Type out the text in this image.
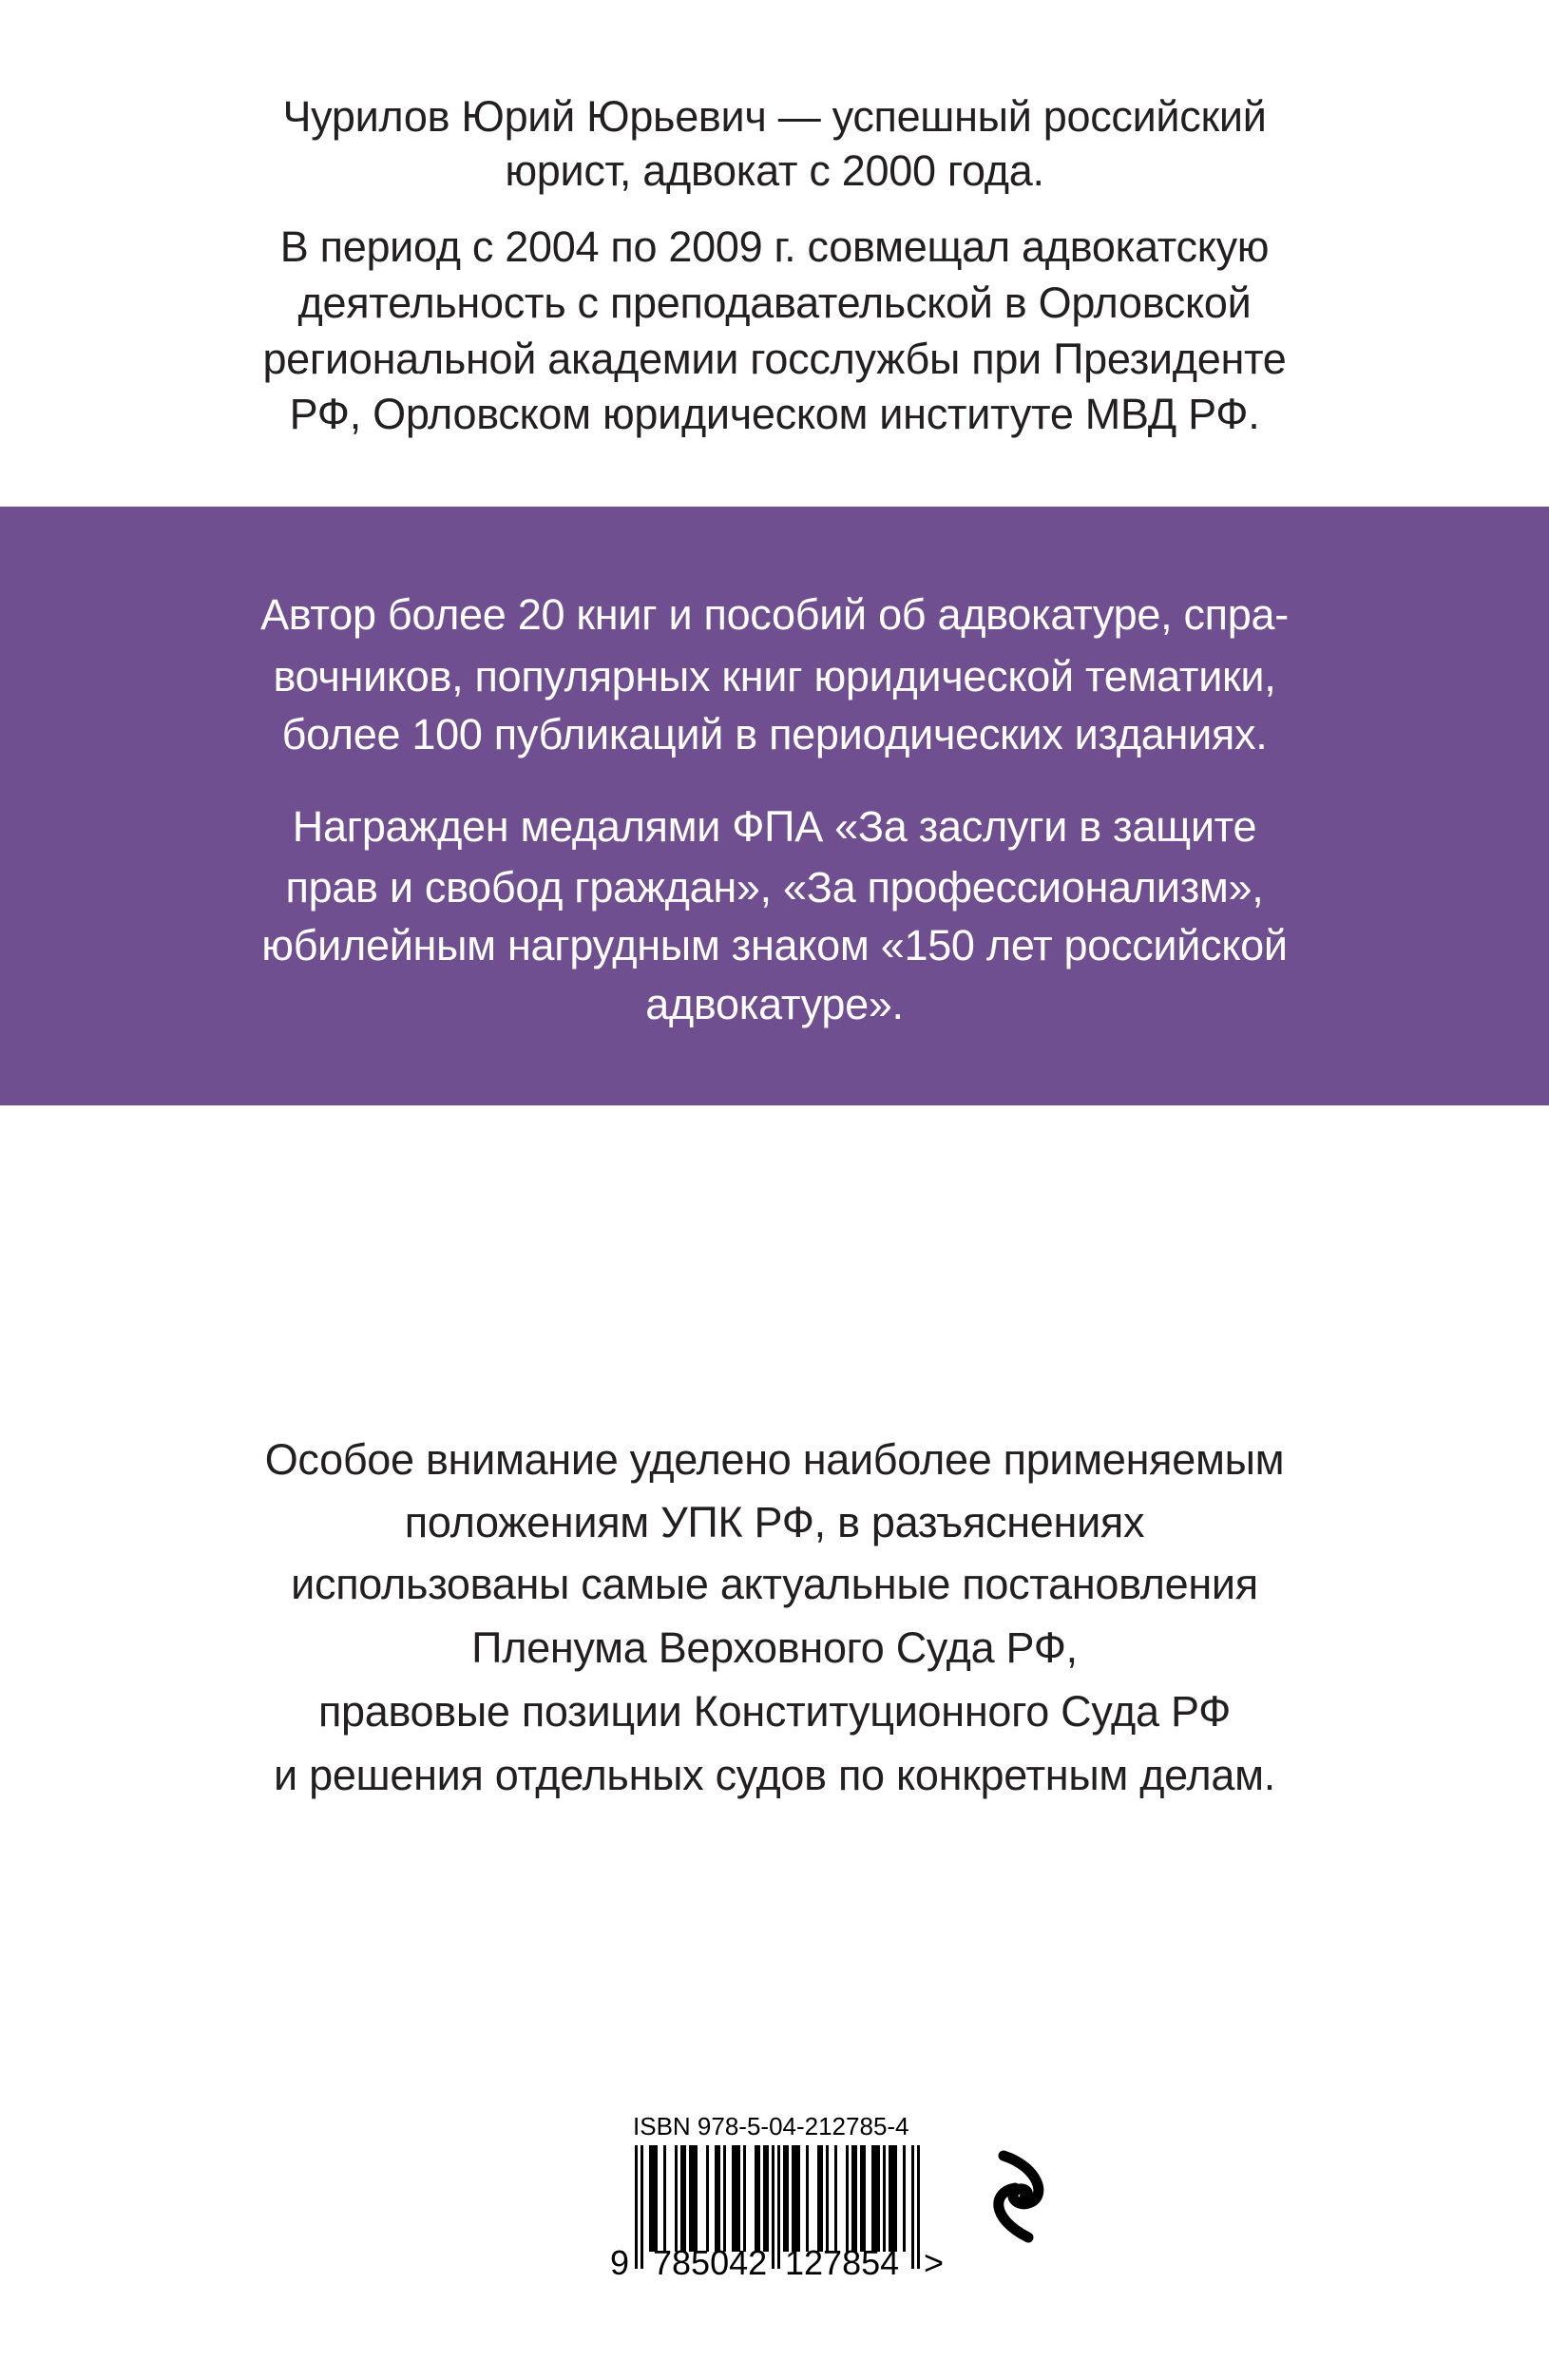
Чурилов Юрий Юрьевич — успешный российский
юрист, адвокат с 2000 года.
В период с 2004 по 2009 г. совмещал адвокатскую
деятельность с преподавательской в Орловской
региональной академии госслужбы при Президенте
РФ, Орловском юридическом институте МВД РФ.
Автор более 20 книг и пособий об адвокатуре, спра-
вочников, популярных книг юридической тематики,
более 100 публикаций в периодических изданиях.
Награжден медалями ФПА «За заслуги в защите
прав и свобод граждан», «За профессионализм»,
юбилейным нагрудным знаком «150 лет российской
адвокатуре».
Особое внимание уделено наиболее применяемым
положениям УПК РФ, в разъяснениях
использованы самые актуальные постановления
Пленума Верховного Суда РФ,
правовые позиции Конституционного Суда РФ
и решения отдельных судов по конкретным делам.
ISBN 978-5-04-212785-4
9 785042 127854 >
